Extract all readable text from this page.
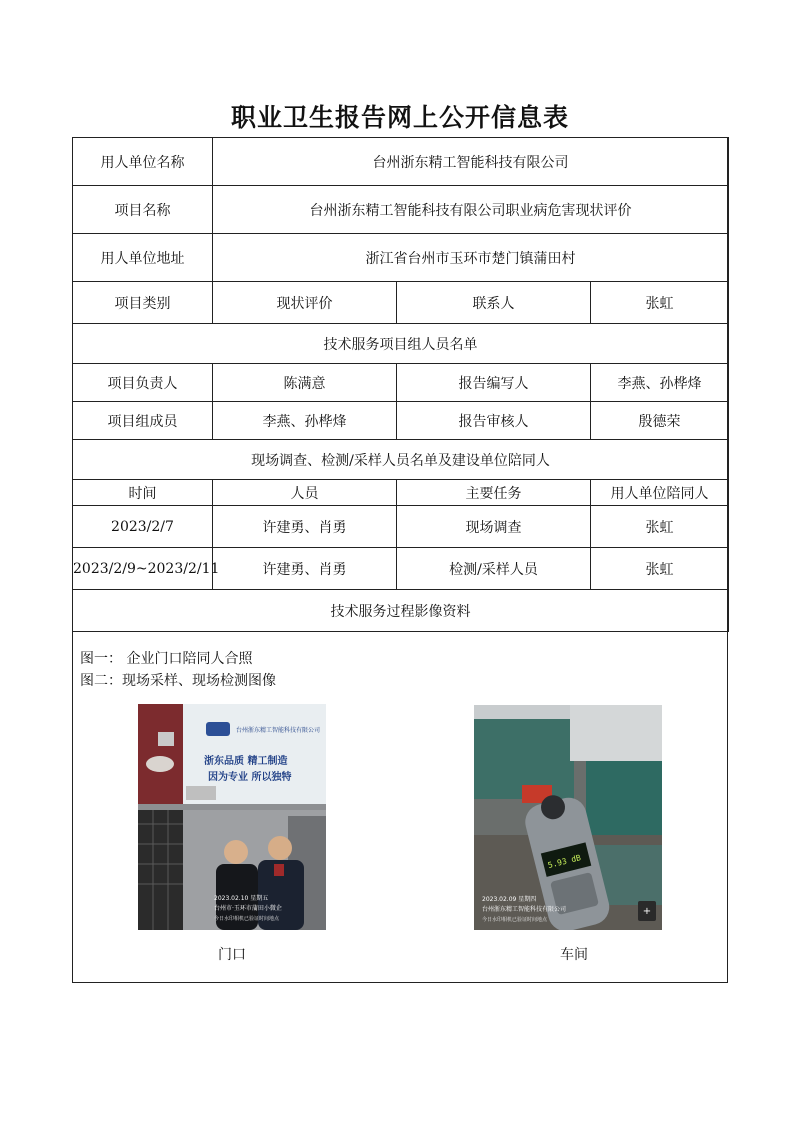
职业卫生报告网上公开信息表
用人单位名称	台州浙东精工智能科技有限公司		
项目名称	台州浙东精工智能科技有限公司职业病危害现状评价		
用人单位地址	浙江省台州市玉环市楚门镇蒲田村		
项目类别	现状评价	联系人	张虹
技术服务项目组人员名单			
项目负责人	陈满意	报告编写人	李燕、孙桦烽
项目组成员	李燕、孙桦烽	报告审核人	殷德荣
现场调查、检测/采样人员名单及建设单位陪同人			
时间	人员	主要任务	用人单位陪同人
2023/2/7	许建勇、肖勇	现场调查	张虹
2023/2/9~2023/2/11	许建勇、肖勇	检测/采样人员	张虹
技术服务过程影像资料			
图一： 企业门口陪同人合照
图二：现场采样、现场检测图像
台州浙东精工智能科技有限公司
浙东品质 精工制造
因为专业 所以独特
2023.02.10 星期五
台州市·玉环市蒲田小微企
今日水印相机已验证时间地点
门口
5.93 dB
2023.02.09 星期四
台州浙东精工智能科技有限公司
今日水印相机已验证时间地点
+
车间
